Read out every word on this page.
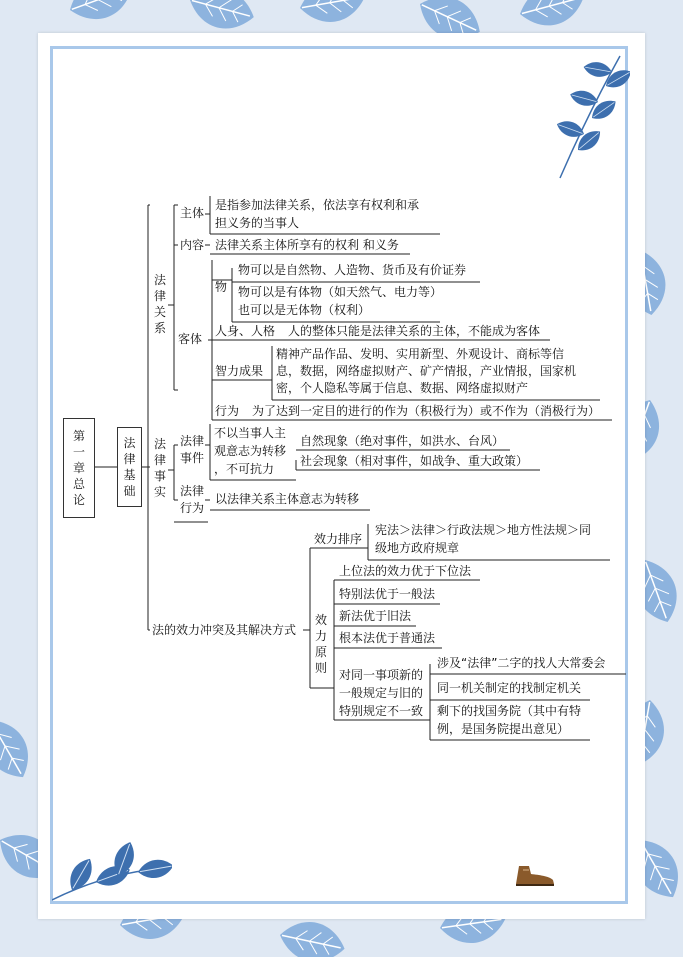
第一章总论
法律基础
法律关系
主体
是指参加法律关系，依法享有权利和承
担义务的当事人
内容 法律关系主体所享有的权利 和义务
客体
物
物可以是自然物、人造物、货币及有价证券
物可以是有体物（如天然气、电力等）
也可以是无体物（权利）
人身、人格 人的整体只能是法律关系的主体，不能成为客体
智力成果
精神产品作品、发明、实用新型、外观设计、商标等信
息，数据，网络虚拟财产、矿产情报，产业情报，国家机
密，个人隐私等属于信息、数据、网络虚拟财产
行为 为了达到一定目的进行的作为（积极行为）或不作为（消极行为）
法律事实
法律事件
不以当事人主
观意志为转移
，不可抗力
自然现象（绝对事件，如洪水、台风）
社会现象（相对事件，如战争、重大政策）
法律行为
以法律关系主体意志为转移
法的效力冲突及其解决方式
效力排序
宪法＞法律＞行政法规＞地方性法规＞同
级地方政府规章
效力原则
上位法的效力优于下位法
特别法优于一般法
新法优于旧法
根本法优于普通法
对同一事项新的
一般规定与旧的
特别规定不一致
涉及“法律”二字的找人大常委会
同一机关制定的找制定机关
剩下的找国务院（其中有特
例，是国务院提出意见）
